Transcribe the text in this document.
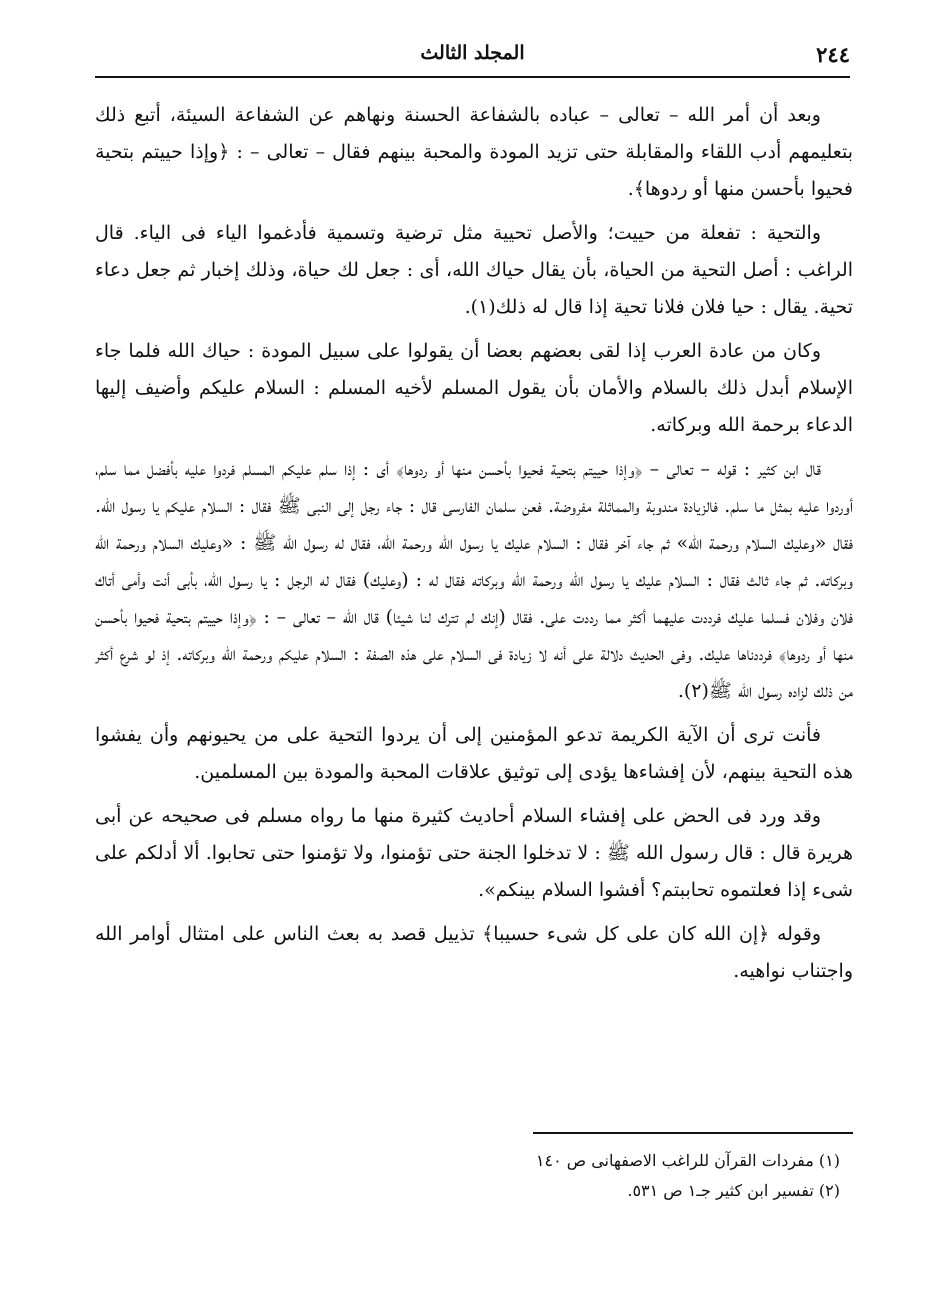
٢٤٤
المجلد الثالث

وبعد أن أمر الله – تعالى – عباده بالشفاعة الحسنة ونهاهم عن الشفاعة السيئة، أتبع ذلك بتعليمهم أدب اللقاء والمقابلة حتى تزيد المودة والمحبة بينهم فقال – تعالى – : ﴿وإذا حييتم بتحية فحيوا بأحسن منها أو ردوها﴾.

والتحية : تفعلة من حييت؛ والأصل تحيية مثل ترضية وتسمية فأدغموا الياء فى الياء. قال الراغب : أصل التحية من الحياة، بأن يقال حياك الله، أى : جعل لك حياة، وذلك إخبار ثم جعل دعاء تحية. يقال : حيا فلان فلانا تحية إذا قال له ذلك(١).

وكان من عادة العرب إذا لقى بعضهم بعضا أن يقولوا على سبيل المودة : حياك الله فلما جاء الإسلام أبدل ذلك بالسلام والأمان بأن يقول المسلم لأخيه المسلم : السلام عليكم وأضيف إليها الدعاء برحمة الله وبركاته.

قال ابن كثير : قوله – تعالى – ﴿وإذا حييتم بتحية فحيوا بأحسن منها أو ردوها﴾ أى : إذا سلم عليكم المسلم فردوا عليه بأفضل مما سلم، أوردوا عليه بمثل ما سلم. فالزيادة مندوبة والمماثلة مفروضة. فعن سلمان الفارسى قال : جاء رجل إلى النبى ﷺ فقال : السلام عليكم يا رسول الله. فقال «وعليك السلام ورحمة الله» ثم جاء آخر فقال : السلام عليك يا رسول الله ورحمة الله، فقال له رسول الله ﷺ : «وعليك السلام ورحمة الله وبركاته. ثم جاء ثالث فقال : السلام عليك يا رسول الله ورحمة الله وبركاته فقال له : (وعليك) فقال له الرجل : يا رسول الله، بأبى أنت وأمى أتاك فلان وفلان فسلما عليك فرددت عليهما أكثر مما رددت على. فقال (إنك لم تترك لنا شيئا) قال الله – تعالى – : ﴿وإذا حييتم بتحية فحيوا بأحسن منها أو ردوها﴾ فرددناها عليك. وفى الحديث دلالة على أنه لا زيادة فى السلام على هذه الصفة : السلام عليكم ورحمة الله وبركاته. إذ لو شرع أكثر من ذلك لزاده رسول الله ﷺ(٢).

فأنت ترى أن الآية الكريمة تدعو المؤمنين إلى أن يردوا التحية على من يحيونهم وأن يفشوا هذه التحية بينهم، لأن إفشاءها يؤدى إلى توثيق علاقات المحبة والمودة بين المسلمين.

وقد ورد فى الحض على إفشاء السلام أحاديث كثيرة منها ما رواه مسلم فى صحيحه عن أبى هريرة قال : قال رسول الله ﷺ : لا تدخلوا الجنة حتى تؤمنوا، ولا تؤمنوا حتى تحابوا. ألا أدلكم على شىء إذا فعلتموه تحاببتم؟ أفشوا السلام بينكم».

وقوله ﴿إن الله كان على كل شىء حسيبا﴾ تذييل قصد به بعث الناس على امتثال أوامر الله واجتناب نواهيه.

(١) مفردات القرآن للراغب الاصفهانى ص ١٤٠
(٢) تفسير ابن كثير جـ١ ص ٥٣١.
